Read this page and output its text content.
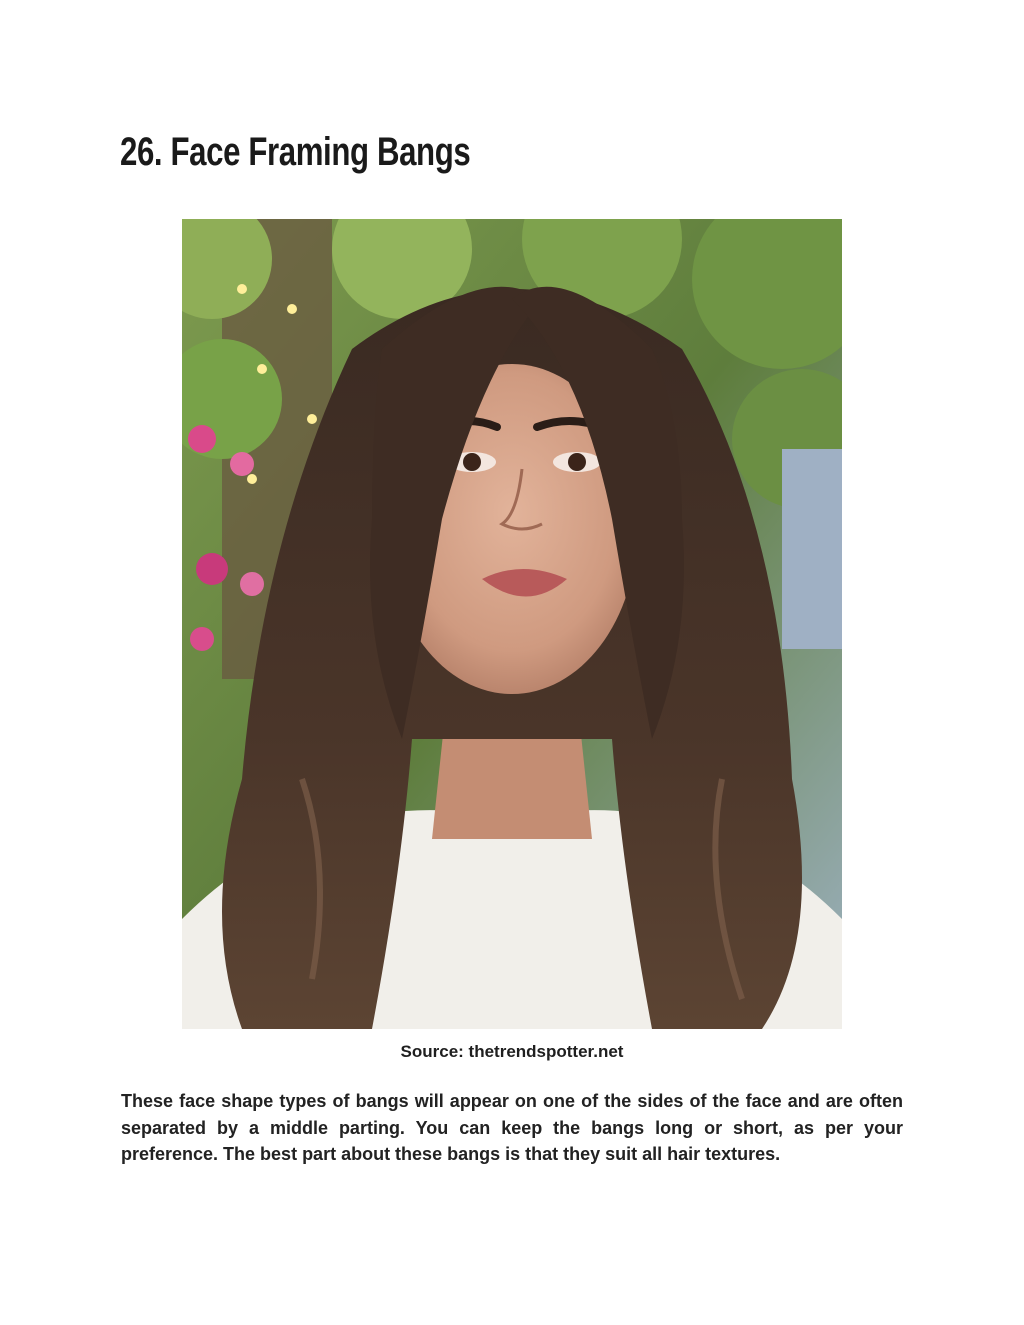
26. Face Framing Bangs
Source: thetrendspotter.net

These face shape types of bangs will appear on one of the sides of the face and are often separated by a middle parting. You can keep the bangs long or short, as per your preference. The best part about these bangs is that they suit all hair textures.
